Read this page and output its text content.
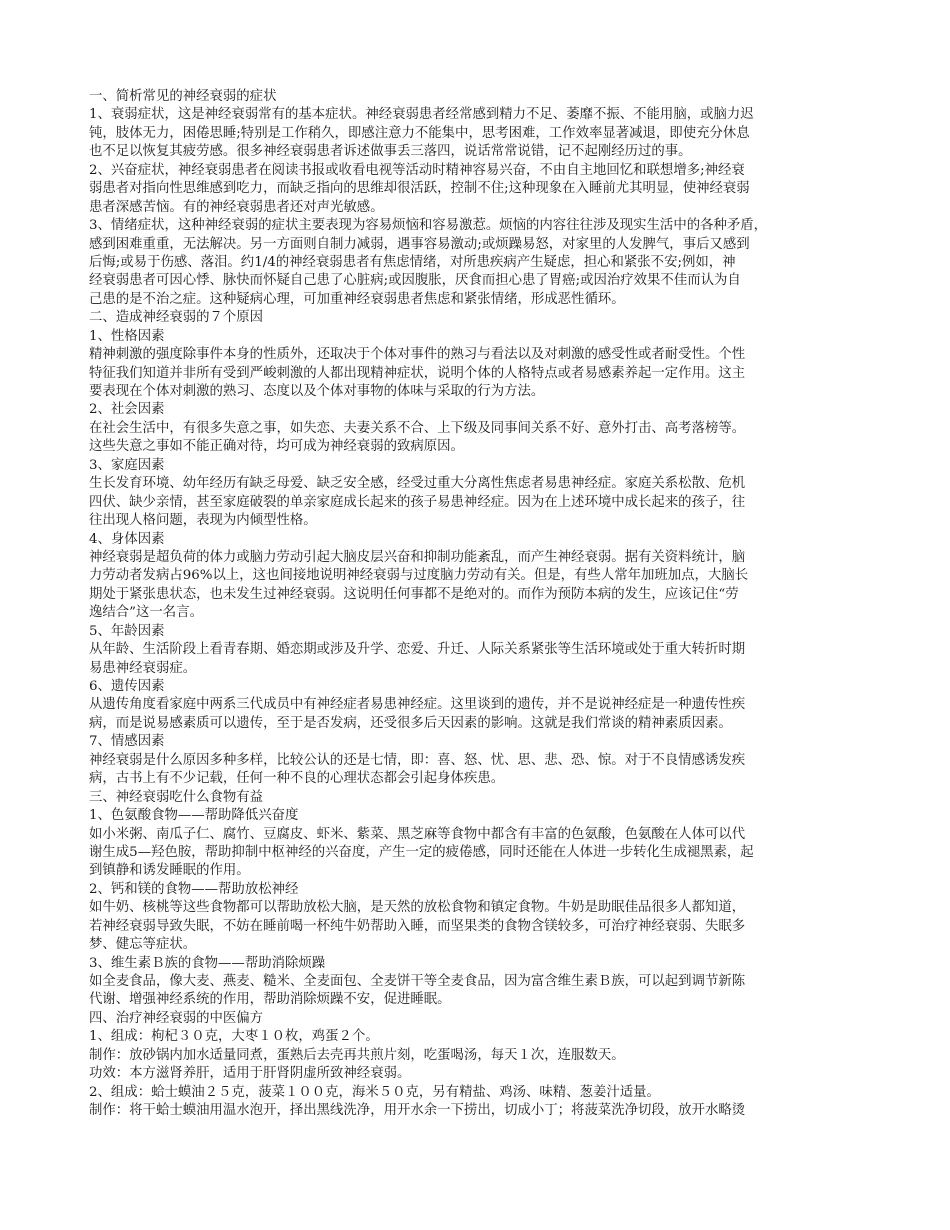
一、简析常见的神经衰弱的症状
1、衰弱症状，这是神经衰弱常有的基本症状。神经衰弱患者经常感到精力不足、萎靡不振、不能用脑，或脑力迟
钝，肢体无力，困倦思睡;特别是工作稍久，即感注意力不能集中，思考困难，工作效率显著减退，即使充分休息
也不足以恢复其疲劳感。很多神经衰弱患者诉述做事丢三落四，说话常常说错，记不起刚经历过的事。
2、兴奋症状，神经衰弱患者在阅读书报或收看电视等活动时精神容易兴奋，不由自主地回忆和联想增多;神经衰
弱患者对指向性思维感到吃力，而缺乏指向的思维却很活跃，控制不住;这种现象在入睡前尤其明显，使神经衰弱
患者深感苦恼。有的神经衰弱患者还对声光敏感。
3、情绪症状，这种神经衰弱的症状主要表现为容易烦恼和容易激惹。烦恼的内容往往涉及现实生活中的各种矛盾，
感到困难重重，无法解决。另一方面则自制力减弱，遇事容易激动;或烦躁易怒，对家里的人发脾气，事后又感到
后悔;或易于伤感、落泪。约1/4的神经衰弱患者有焦虑情绪，对所患疾病产生疑虑，担心和紧张不安;例如，神
经衰弱患者可因心悸、脉快而怀疑自己患了心脏病;或因腹胀，厌食而担心患了胃癌;或因治疗效果不佳而认为自
己患的是不治之症。这种疑病心理，可加重神经衰弱患者焦虑和紧张情绪，形成恶性循环。
二、造成神经衰弱的７个原因
1、性格因素
精神刺激的强度除事件本身的性质外，还取决于个体对事件的熟习与看法以及对刺激的感受性或者耐受性。个性
特征我们知道并非所有受到严峻刺激的人都出现精神症状，说明个体的人格特点或者易感素养起一定作用。这主
要表现在个体对刺激的熟习、态度以及个体对事物的体味与采取的行为方法。
2、社会因素
在社会生活中，有很多失意之事，如失恋、夫妻关系不合、上下级及同事间关系不好、意外打击、高考落榜等。
这些失意之事如不能正确对待，均可成为神经衰弱的致病原因。
3、家庭因素
生长发育环境、幼年经历有缺乏母爱、缺乏安全感，经受过重大分离性焦虑者易患神经症。家庭关系松散、危机
四伏、缺少亲情，甚至家庭破裂的单亲家庭成长起来的孩子易患神经症。因为在上述环境中成长起来的孩子，往
往出现人格问题，表现为内倾型性格。
4、身体因素
神经衰弱是超负荷的体力或脑力劳动引起大脑皮层兴奋和抑制功能紊乱，而产生神经衰弱。据有关资料统计，脑
力劳动者发病占96%以上，这也间接地说明神经衰弱与过度脑力劳动有关。但是，有些人常年加班加点，大脑长
期处于紧张患状态，也未发生过神经衰弱。这说明任何事都不是绝对的。而作为预防本病的发生，应该记住“劳
逸结合”这一名言。
5、年龄因素
从年龄、生活阶段上看青春期、婚恋期或涉及升学、恋爱、升迁、人际关系紧张等生活环境或处于重大转折时期
易患神经衰弱症。
6、遗传因素
从遗传角度看家庭中两系三代成员中有神经症者易患神经症。这里谈到的遗传，并不是说神经症是一种遗传性疾
病，而是说易感素质可以遗传，至于是否发病，还受很多后天因素的影响。这就是我们常谈的精神素质因素。
7、情感因素
神经衰弱是什么原因多种多样，比较公认的还是七情，即：喜、怒、忧、思、悲、恐、惊。对于不良情感诱发疾
病，古书上有不少记载，任何一种不良的心理状态都会引起身体疾患。
三、神经衰弱吃什么食物有益
1、色氨酸食物——帮助降低兴奋度
如小米粥、南瓜子仁、腐竹、豆腐皮、虾米、紫菜、黑芝麻等食物中都含有丰富的色氨酸，色氨酸在人体可以代
谢生成5—羟色胺，帮助抑制中枢神经的兴奋度，产生一定的疲倦感，同时还能在人体进一步转化生成褪黑素，起
到镇静和诱发睡眠的作用。
2、钙和镁的食物——帮助放松神经
如牛奶、核桃等这些食物都可以帮助放松大脑，是天然的放松食物和镇定食物。牛奶是助眠佳品很多人都知道，
若神经衰弱导致失眠，不妨在睡前喝一杯纯牛奶帮助入睡，而坚果类的食物含镁较多，可治疗神经衰弱、失眠多
梦、健忘等症状。
3、维生素Ｂ族的食物——帮助消除烦躁
如全麦食品，像大麦、燕麦、糙米、全麦面包、全麦饼干等全麦食品，因为富含维生素Ｂ族，可以起到调节新陈
代谢、增强神经系统的作用，帮助消除烦躁不安，促进睡眠。
四、治疗神经衰弱的中医偏方
1、组成：枸杞３０克，大枣１０枚，鸡蛋２个。
制作：放砂锅内加水适量同煮，蛋熟后去壳再共煎片刻，吃蛋喝汤，每天１次，连服数天。
功效：本方滋肾养肝，适用于肝肾阴虚所致神经衰弱。
2、组成：蛤士蟆油２５克，菠菜１００克，海米５０克，另有精盐、鸡汤、味精、葱姜汁适量。
制作：将干蛤士蟆油用温水泡开，择出黑线洗净，用开水余一下捞出，切成小丁；将菠菜洗净切段，放开水略烫
